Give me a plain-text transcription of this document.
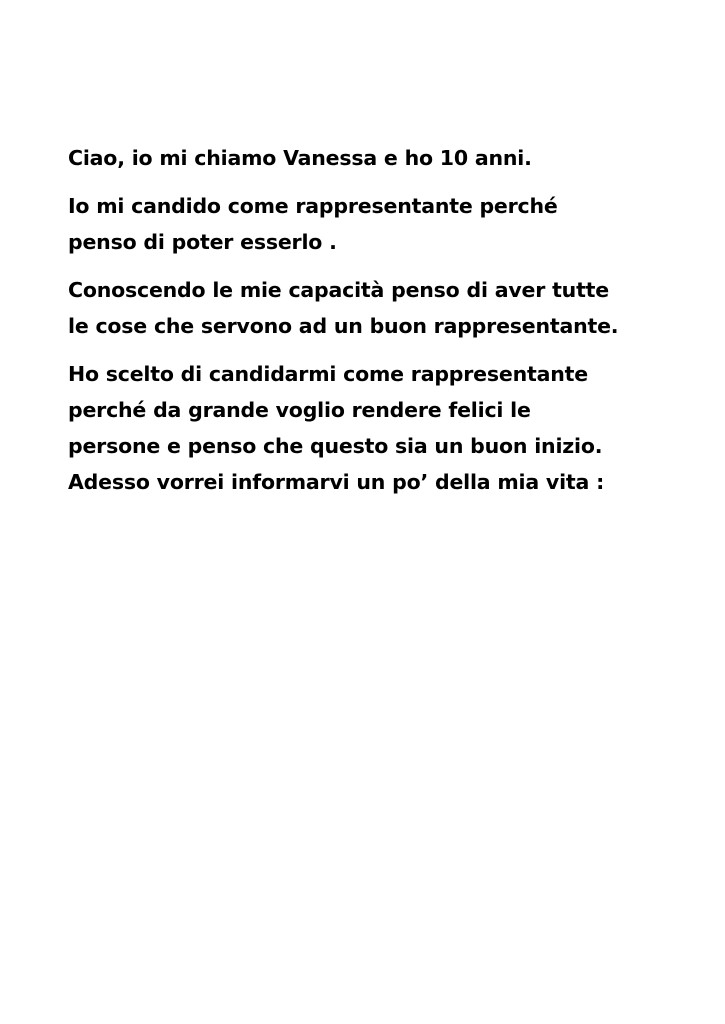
Ciao, io mi chiamo Vanessa e ho 10 anni.

Io mi candido come rappresentante perché
penso di poter esserlo .

Conoscendo le mie capacità penso di aver tutte
le cose che servono ad un buon rappresentante.

Ho scelto di candidarmi come rappresentante
perché da grande voglio rendere felici le
persone e penso che questo sia un buon inizio.

Adesso vorrei informarvi un po’ della mia vita :
